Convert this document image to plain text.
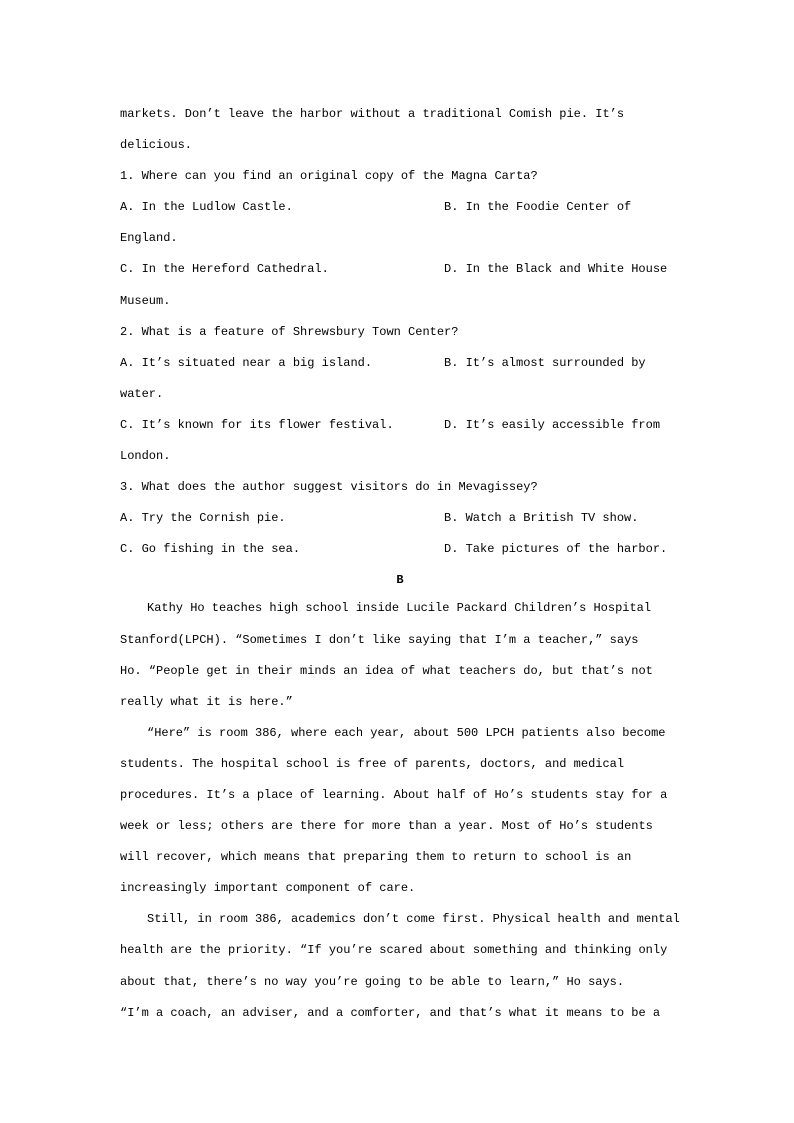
markets. Don’t leave the harbor without a traditional Comish pie. It’s
delicious.
1. Where can you find an original copy of the Magna Carta?
A. In the Ludlow Castle.	B. In the Foodie Center of
England.
C. In the Hereford Cathedral.	D. In the Black and White House
Museum.
2. What is a feature of Shrewsbury Town Center?
A. It’s situated near a big island.	B. It’s almost surrounded by
water.
C. It’s known for its flower festival.	D. It’s easily accessible from
London.
3. What does the author suggest visitors do in Mevagissey?
A. Try the Cornish pie.	B. Watch a British TV show.
C. Go fishing in the sea.	D. Take pictures of the harbor.
B
Kathy Ho teaches high school inside Lucile Packard Children’s Hospital
Stanford(LPCH). “Sometimes I don’t like saying that I’m a teacher,” says
Ho. “People get in their minds an idea of what teachers do, but that’s not
really what it is here.”
“Here” is room 386, where each year, about 500 LPCH patients also become
students. The hospital school is free of parents, doctors, and medical
procedures. It’s a place of learning. About half of Ho’s students stay for a
week or less; others are there for more than a year. Most of Ho’s students
will recover, which means that preparing them to return to school is an
increasingly important component of care.
Still, in room 386, academics don’t come first. Physical health and mental
health are the priority. “If you’re scared about something and thinking only
about that, there’s no way you’re going to be able to learn,” Ho says.
“I’m a coach, an adviser, and a comforter, and that’s what it means to be a
